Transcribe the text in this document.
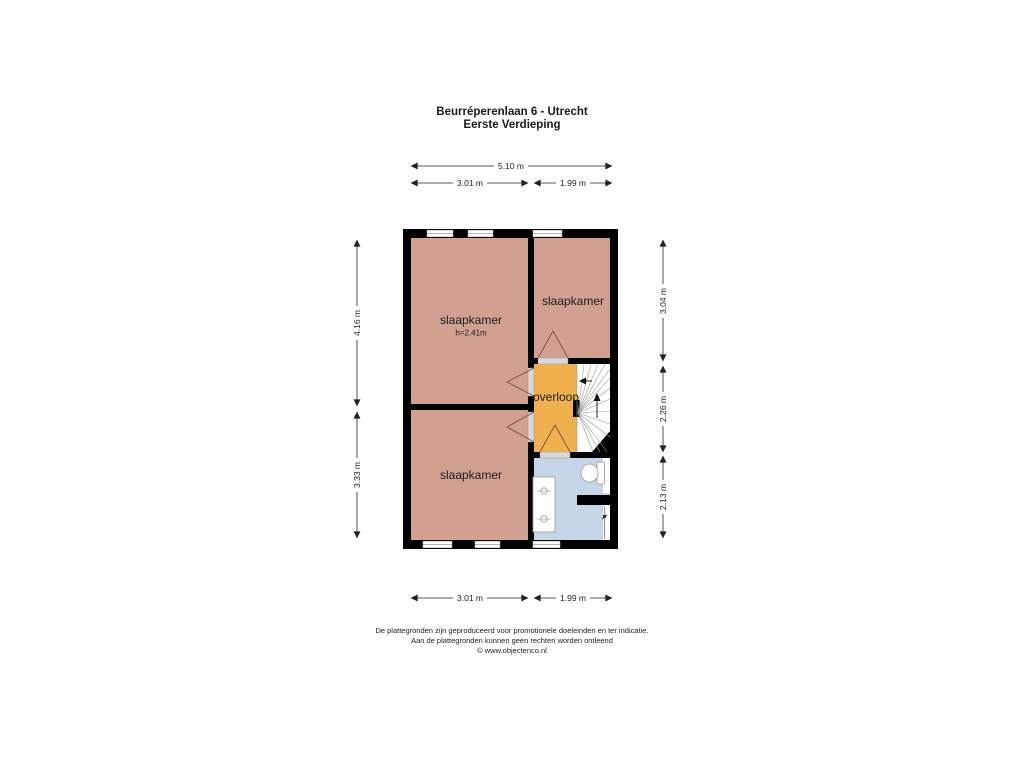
Beurréperenlaan 6 - Utrecht
Eerste Verdieping
5.10 m
3.01 m	1.99 m
4.16 m
3.33 m
3.04 m
2.26 m
2.13 m
3.01 m	1.99 m
slaapkamer
h=2.41m
slaapkamer
overloop
slaapkamer
De plattegronden zijn geproduceerd voor promotionele doeleinden en ter indicatie.
Aan de plattegronden kunnen geen rechten worden ontleend
© www.objectenco.nl
